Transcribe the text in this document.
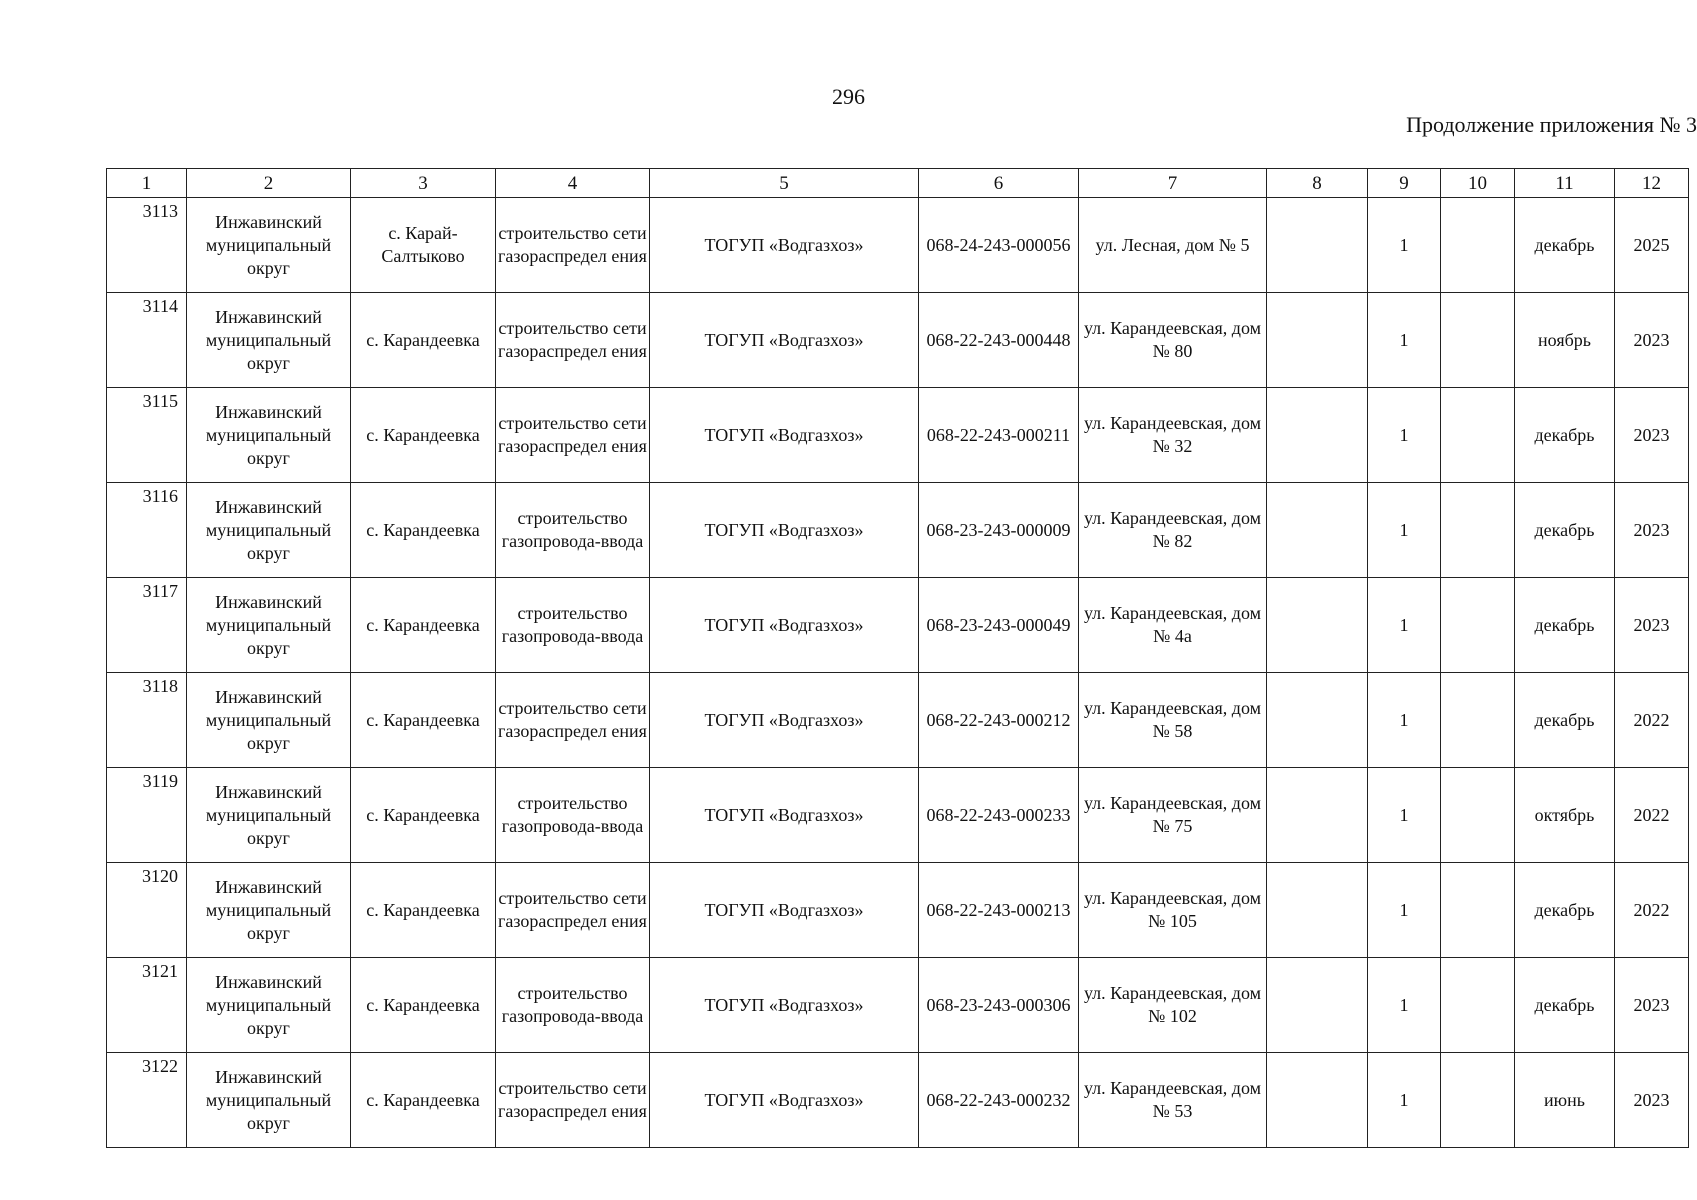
296
Продолжение приложения № 3
1	2	3	4	5	6	7	8	9	10	11	12
3113	Инжавинский муниципальный округ	с. Карай-Салтыково	строительство сети газораспредел ения	ТОГУП «Водгазхоз»	068-24-243-000056	ул. Лесная, дом № 5		1		декабрь	2025
3114	Инжавинский муниципальный округ	с. Карандеевка	строительство сети газораспредел ения	ТОГУП «Водгазхоз»	068-22-243-000448	ул. Карандеевская, дом № 80		1		ноябрь	2023
3115	Инжавинский муниципальный округ	с. Карандеевка	строительство сети газораспредел ения	ТОГУП «Водгазхоз»	068-22-243-000211	ул. Карандеевская, дом № 32		1		декабрь	2023
3116	Инжавинский муниципальный округ	с. Карандеевка	строительство газопровода-ввода	ТОГУП «Водгазхоз»	068-23-243-000009	ул. Карандеевская, дом № 82		1		декабрь	2023
3117	Инжавинский муниципальный округ	с. Карандеевка	строительство газопровода-ввода	ТОГУП «Водгазхоз»	068-23-243-000049	ул. Карандеевская, дом № 4а		1		декабрь	2023
3118	Инжавинский муниципальный округ	с. Карандеевка	строительство сети газораспредел ения	ТОГУП «Водгазхоз»	068-22-243-000212	ул. Карандеевская, дом № 58		1		декабрь	2022
3119	Инжавинский муниципальный округ	с. Карандеевка	строительство газопровода-ввода	ТОГУП «Водгазхоз»	068-22-243-000233	ул. Карандеевская, дом № 75		1		октябрь	2022
3120	Инжавинский муниципальный округ	с. Карандеевка	строительство сети газораспредел ения	ТОГУП «Водгазхоз»	068-22-243-000213	ул. Карандеевская, дом № 105		1		декабрь	2022
3121	Инжавинский муниципальный округ	с. Карандеевка	строительство газопровода-ввода	ТОГУП «Водгазхоз»	068-23-243-000306	ул. Карандеевская, дом № 102		1		декабрь	2023
3122	Инжавинский муниципальный округ	с. Карандеевка	строительство сети газораспредел ения	ТОГУП «Водгазхоз»	068-22-243-000232	ул. Карандеевская, дом № 53		1		июнь	2023
